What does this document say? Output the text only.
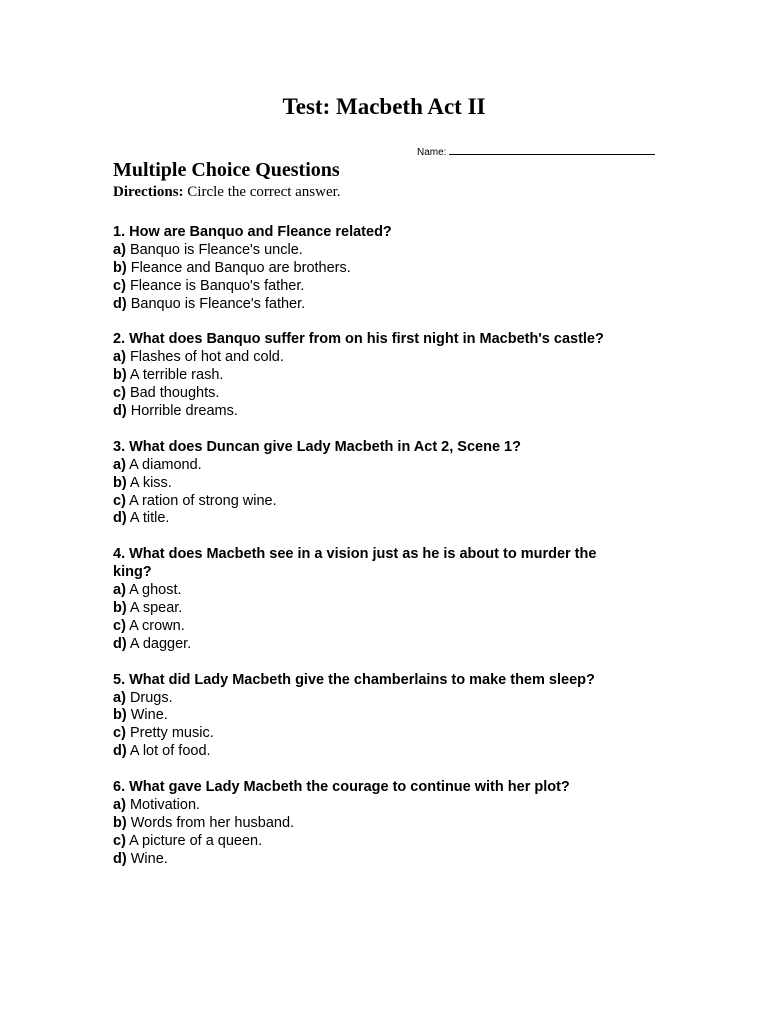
Test: Macbeth Act II
Name:
Multiple Choice Questions
Directions: Circle the correct answer.
1. How are Banquo and Fleance related?
a) Banquo is Fleance's uncle.
b) Fleance and Banquo are brothers.
c) Fleance is Banquo's father.
d) Banquo is Fleance's father.
2. What does Banquo suffer from on his first night in Macbeth's castle?
a) Flashes of hot and cold.
b) A terrible rash.
c) Bad thoughts.
d) Horrible dreams.
3. What does Duncan give Lady Macbeth in Act 2, Scene 1?
a) A diamond.
b) A kiss.
c) A ration of strong wine.
d) A title.
4. What does Macbeth see in a vision just as he is about to murder the king?
a) A ghost.
b) A spear.
c) A crown.
d) A dagger.
5. What did Lady Macbeth give the chamberlains to make them sleep?
a) Drugs.
b) Wine.
c) Pretty music.
d) A lot of food.
6. What gave Lady Macbeth the courage to continue with her plot?
a) Motivation.
b) Words from her husband.
c) A picture of a queen.
d) Wine.
